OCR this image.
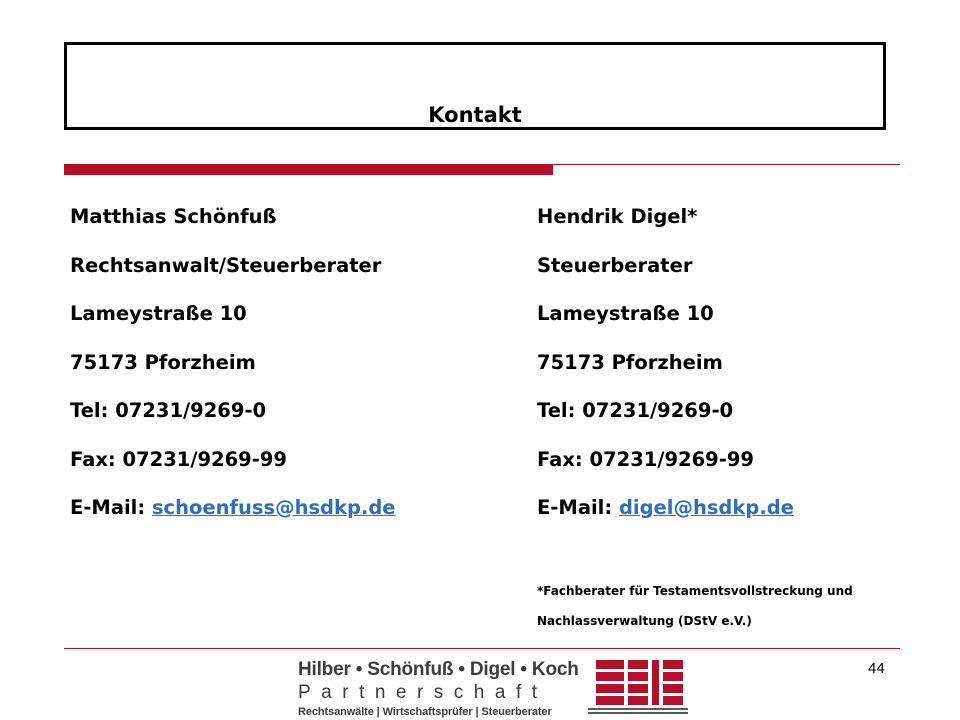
Kontakt
Matthias Schönfuß
Rechtsanwalt/Steuerberater
Lameystraße 10
75173 Pforzheim
Tel: 07231/9269-0
Fax: 07231/9269-99
E-Mail: schoenfuss@hsdkp.de
Hendrik Digel*
Steuerberater
Lameystraße 10
75173 Pforzheim
Tel: 07231/9269-0
Fax: 07231/9269-99
E-Mail: digel@hsdkp.de
*Fachberater für Testamentsvollstreckung und
Nachlassverwaltung (DStV e.V.)
Hilber • Schönfuß • Digel • Koch
Partnerschaft
Rechtsanwälte | Wirtschaftsprüfer | Steuerberater
44
